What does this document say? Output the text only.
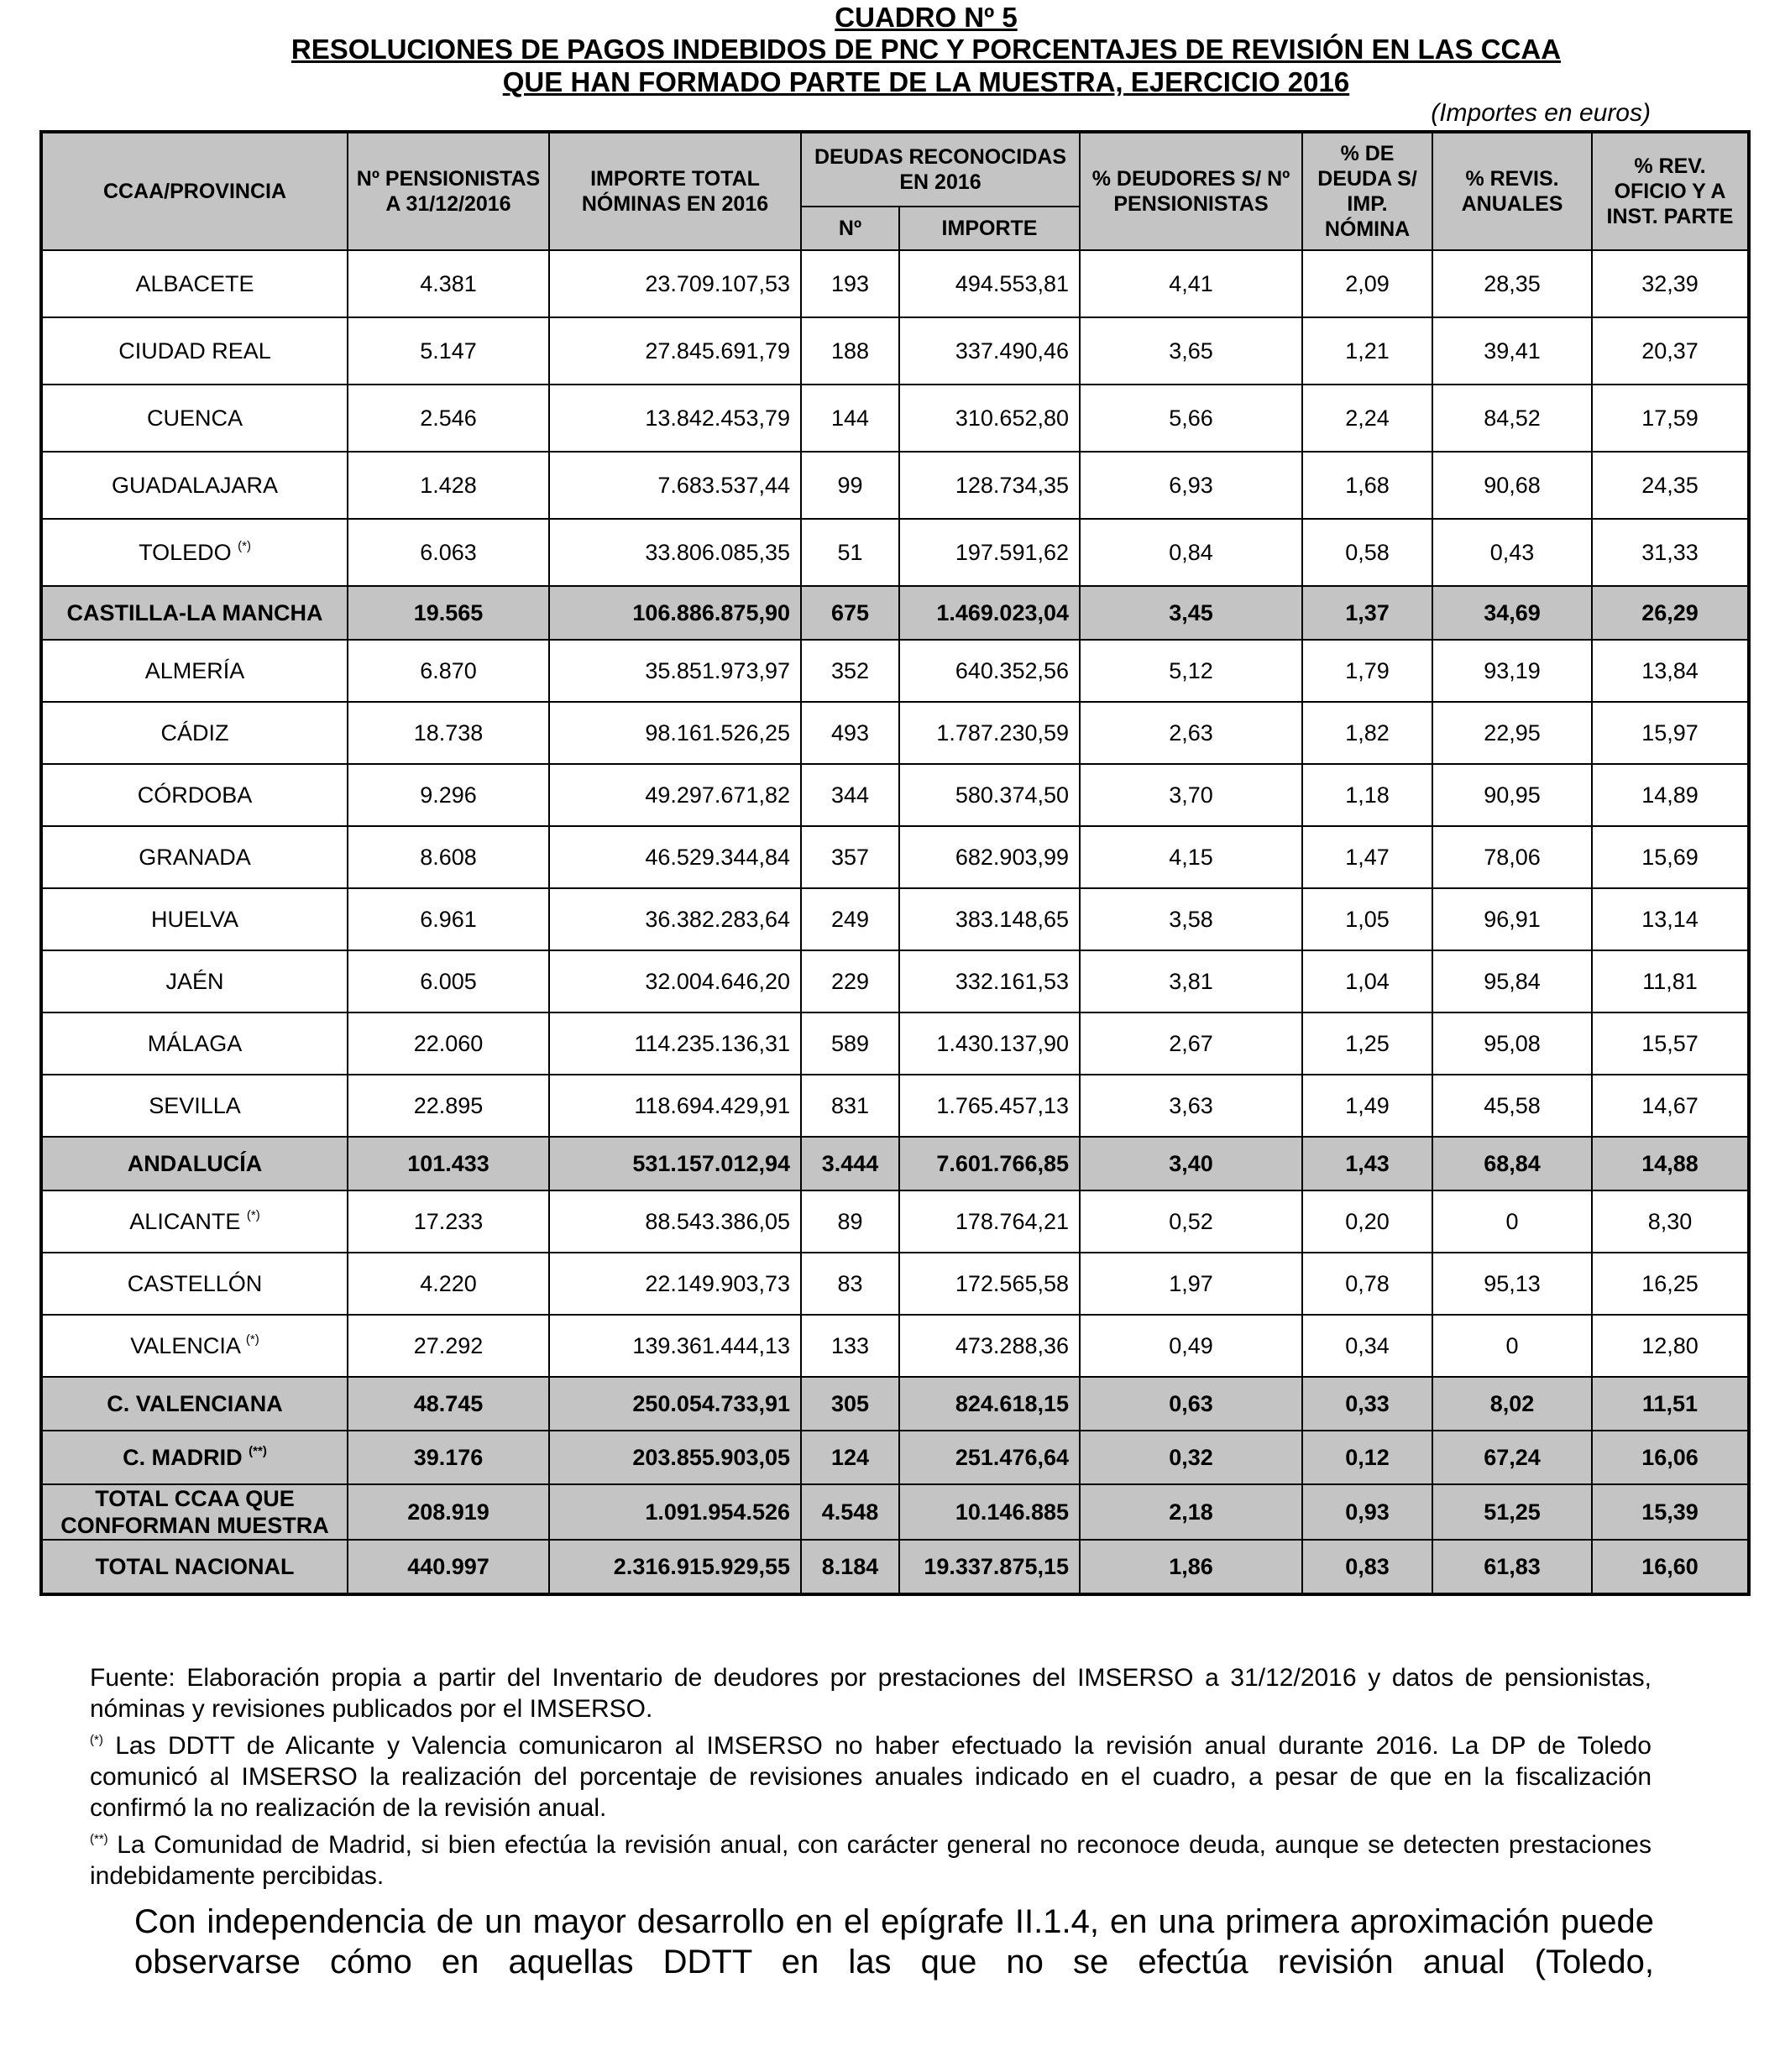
CUADRO Nº 5
RESOLUCIONES DE PAGOS INDEBIDOS DE PNC Y PORCENTAJES DE REVISIÓN EN LAS CCAA
QUE HAN FORMADO PARTE DE LA MUESTRA, EJERCICIO 2016
(Importes en euros)
CCAA/PROVINCIA	Nº PENSIONISTAS A 31/12/2016	IMPORTE TOTAL NÓMINAS EN 2016	DEUDAS RECONOCIDAS EN 2016		% DEUDORES S/ Nº PENSIONISTAS	% DE DEUDA S/ IMP. NÓMINA	% REVIS. ANUALES	% REV. OFICIO Y A INST. PARTE
			Nº	IMPORTE				
ALBACETE	4.381	23.709.107,53	193	494.553,81	4,41	2,09	28,35	32,39
CIUDAD REAL	5.147	27.845.691,79	188	337.490,46	3,65	1,21	39,41	20,37
CUENCA	2.546	13.842.453,79	144	310.652,80	5,66	2,24	84,52	17,59
GUADALAJARA	1.428	7.683.537,44	99	128.734,35	6,93	1,68	90,68	24,35
TOLEDO (*)	6.063	33.806.085,35	51	197.591,62	0,84	0,58	0,43	31,33
CASTILLA-LA MANCHA	19.565	106.886.875,90	675	1.469.023,04	3,45	1,37	34,69	26,29
ALMERÍA	6.870	35.851.973,97	352	640.352,56	5,12	1,79	93,19	13,84
CÁDIZ	18.738	98.161.526,25	493	1.787.230,59	2,63	1,82	22,95	15,97
CÓRDOBA	9.296	49.297.671,82	344	580.374,50	3,70	1,18	90,95	14,89
GRANADA	8.608	46.529.344,84	357	682.903,99	4,15	1,47	78,06	15,69
HUELVA	6.961	36.382.283,64	249	383.148,65	3,58	1,05	96,91	13,14
JAÉN	6.005	32.004.646,20	229	332.161,53	3,81	1,04	95,84	11,81
MÁLAGA	22.060	114.235.136,31	589	1.430.137,90	2,67	1,25	95,08	15,57
SEVILLA	22.895	118.694.429,91	831	1.765.457,13	3,63	1,49	45,58	14,67
ANDALUCÍA	101.433	531.157.012,94	3.444	7.601.766,85	3,40	1,43	68,84	14,88
ALICANTE (*)	17.233	88.543.386,05	89	178.764,21	0,52	0,20	0	8,30
CASTELLÓN	4.220	22.149.903,73	83	172.565,58	1,97	0,78	95,13	16,25
VALENCIA (*)	27.292	139.361.444,13	133	473.288,36	0,49	0,34	0	12,80
C. VALENCIANA	48.745	250.054.733,91	305	824.618,15	0,63	0,33	8,02	11,51
C. MADRID (**)	39.176	203.855.903,05	124	251.476,64	0,32	0,12	67,24	16,06
TOTAL CCAA QUE CONFORMAN MUESTRA	208.919	1.091.954.526	4.548	10.146.885	2,18	0,93	51,25	15,39
TOTAL NACIONAL	440.997	2.316.915.929,55	8.184	19.337.875,15	1,86	0,83	61,83	16,60

Fuente: Elaboración propia a partir del Inventario de deudores por prestaciones del IMSERSO a 31/12/2016 y datos de pensionistas, nóminas y revisiones publicados por el IMSERSO.

(*) Las DDTT de Alicante y Valencia comunicaron al IMSERSO no haber efectuado la revisión anual durante 2016. La DP de Toledo comunicó al IMSERSO la realización del porcentaje de revisiones anuales indicado en el cuadro, a pesar de que en la fiscalización confirmó la no realización de la revisión anual.

(**) La Comunidad de Madrid, si bien efectúa la revisión anual, con carácter general no reconoce deuda, aunque se detecten prestaciones indebidamente percibidas.

Con independencia de un mayor desarrollo en el epígrafe II.1.4, en una primera aproximación puede observarse cómo en aquellas DDTT en las que no se efectúa revisión anual (Toledo,
